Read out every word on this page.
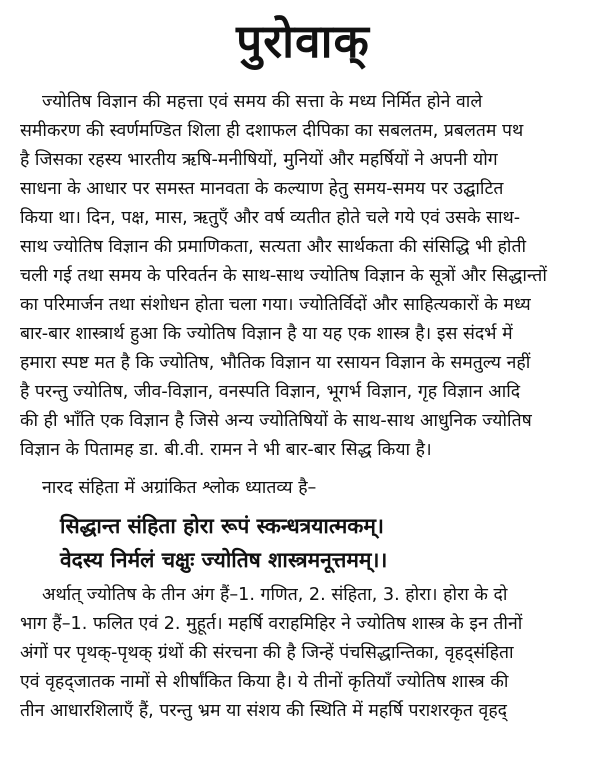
पुरोवाक्
ज्योतिष विज्ञान की महत्ता एवं समय की सत्ता के मध्य निर्मित होने वाले
समीकरण की स्वर्णमण्डित शिला ही दशाफल दीपिका का सबलतम, प्रबलतम पथ
है जिसका रहस्य भारतीय ऋषि-मनीषियों, मुनियों और महर्षियों ने अपनी योग
साधना के आधार पर समस्त मानवता के कल्याण हेतु समय-समय पर उद्घाटित
किया था। दिन, पक्ष, मास, ऋतुएँ और वर्ष व्यतीत होते चले गये एवं उसके साथ-
साथ ज्योतिष विज्ञान की प्रमाणिकता, सत्यता और सार्थकता की संसिद्धि भी होती
चली गई तथा समय के परिवर्तन के साथ-साथ ज्योतिष विज्ञान के सूत्रों और सिद्धान्तों
का परिमार्जन तथा संशोधन होता चला गया। ज्योतिर्विदों और साहित्यकारों के मध्य
बार-बार शास्त्रार्थ हुआ कि ज्योतिष विज्ञान है या यह एक शास्त्र है। इस संदर्भ में
हमारा स्पष्ट मत है कि ज्योतिष, भौतिक विज्ञान या रसायन विज्ञान के समतुल्य नहीं
है परन्तु ज्योतिष, जीव-विज्ञान, वनस्पति विज्ञान, भूगर्भ विज्ञान, गृह विज्ञान आदि
की ही भाँति एक विज्ञान है जिसे अन्य ज्योतिषियों के साथ-साथ आधुनिक ज्योतिष
विज्ञान के पितामह डा. बी.वी. रामन ने भी बार-बार सिद्ध किया है।
नारद संहिता में अग्रांकित श्लोक ध्यातव्य है–
सिद्धान्त संहिता होरा रूपं स्कन्धत्रयात्मकम्।
वेदस्य निर्मलं चक्षुः ज्योतिष शास्त्रमनूत्तमम्।।
अर्थात् ज्योतिष के तीन अंग हैं–1. गणित, 2. संहिता, 3. होरा। होरा के दो
भाग हैं–1. फलित एवं 2. मुहूर्त। महर्षि वराहमिहिर ने ज्योतिष शास्त्र के इन तीनों
अंगों पर पृथक्-पृथक् ग्रंथों की संरचना की है जिन्हें पंचसिद्धान्तिका, वृहद्संहिता
एवं वृहद्जातक नामों से शीर्षांकित किया है। ये तीनों कृतियाँ ज्योतिष शास्त्र की
तीन आधारशिलाएँ हैं, परन्तु भ्रम या संशय की स्थिति में महर्षि पराशरकृत वृहद्
